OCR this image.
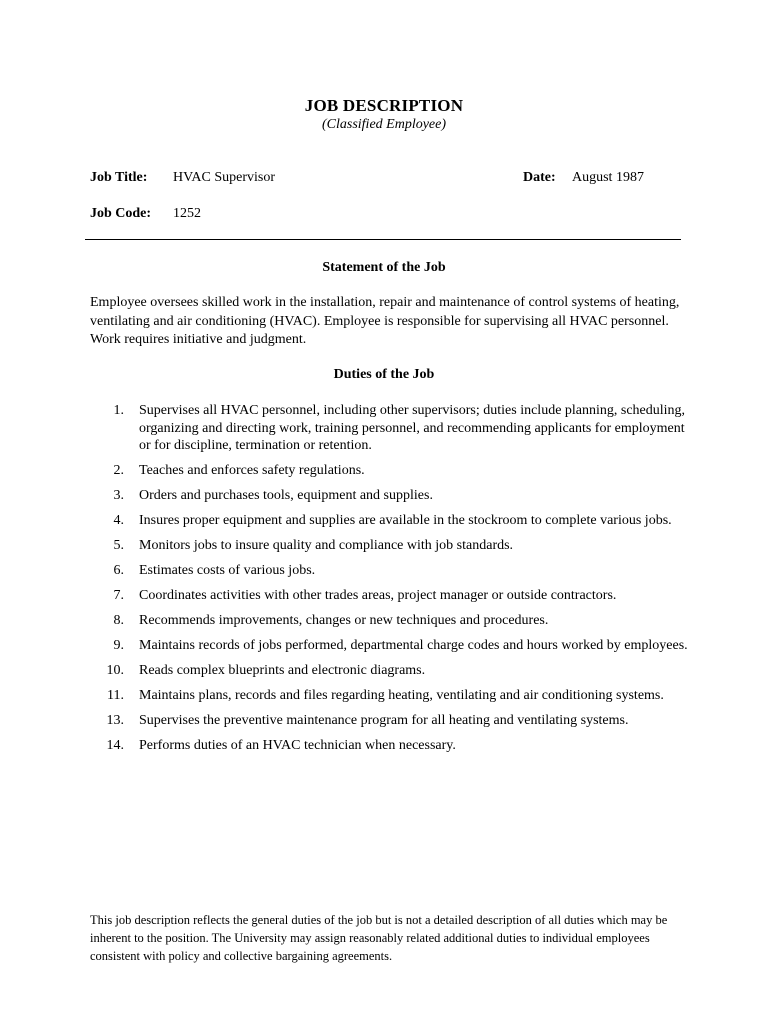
JOB DESCRIPTION
(Classified Employee)
Job Title: HVAC Supervisor	Date: August 1987
Job Code: 1252
Statement of the Job
Employee oversees skilled work in the installation, repair and maintenance of control systems of heating, ventilating and air conditioning (HVAC). Employee is responsible for supervising all HVAC personnel. Work requires initiative and judgment.
Duties of the Job
1. Supervises all HVAC personnel, including other supervisors; duties include planning, scheduling, organizing and directing work, training personnel, and recommending applicants for employment or for discipline, termination or retention.
2. Teaches and enforces safety regulations.
3. Orders and purchases tools, equipment and supplies.
4. Insures proper equipment and supplies are available in the stockroom to complete various jobs.
5. Monitors jobs to insure quality and compliance with job standards.
6. Estimates costs of various jobs.
7. Coordinates activities with other trades areas, project manager or outside contractors.
8. Recommends improvements, changes or new techniques and procedures.
9. Maintains records of jobs performed, departmental charge codes and hours worked by employees.
10. Reads complex blueprints and electronic diagrams.
11. Maintains plans, records and files regarding heating, ventilating and air conditioning systems.
13. Supervises the preventive maintenance program for all heating and ventilating systems.
14. Performs duties of an HVAC technician when necessary.
This job description reflects the general duties of the job but is not a detailed description of all duties which may be inherent to the position. The University may assign reasonably related additional duties to individual employees consistent with policy and collective bargaining agreements.
